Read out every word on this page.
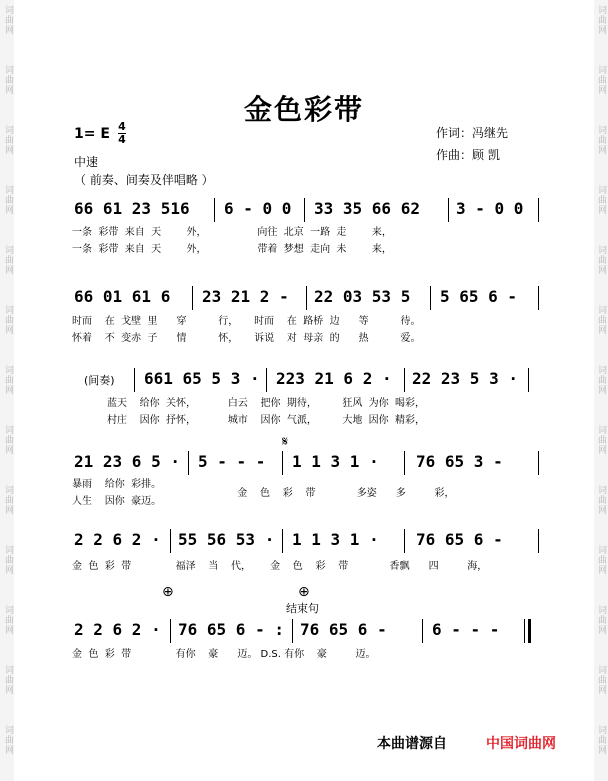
词曲网
词曲网
词曲网
词曲网
词曲网
词曲网
词曲网
词曲网
词曲网
词曲网
词曲网
词曲网
词曲网
词曲网
词曲网
词曲网
词曲网
词曲网
词曲网
词曲网
词曲网
词曲网
词曲网
词曲网
词曲网
词曲网
金色彩带
1= E 4
4	作词：冯继先
作曲：顾 凯
中速
（ 前奏、间奏及伴唱略 ）
66 61 23 516 6 - 0 0 33 35 66 62 3 - 0 0
一条  彩带  来自  天        外，                向往  北京  一路  走        来，
一条  彩带  来自  天        外，                带着  梦想  走向  未        来，
66 01 61 6 23 21 2 - 22 03 53 5 5 65 6 -
时而    在  戈壁  里      穿          行，     时而    在  路桥  边      等          待。
怀着    不  变赤  子      情          怀，     诉说    对  母亲  的      热          爱。
(间奏) 661 65 5 3 · 223 21 6 2 · 22 23 5 3 ·
蓝天    给你  关怀，          白云    把你  期待，        狂风  为你  喝彩，
村庄    因你  抒怀，          城市    因你  气派，        大地  因你  精彩，
𝄋
21 23 6 5 · 5 - - - 1 1 3 1 · 76 65 3 -
暴雨    给你  彩排。
人生    因你  豪迈。
金    色    彩    带             多姿      多         彩，
2 2 6 2 · 55 56 53 · 1 1 3 1 · 76 65 6 -
金  色  彩  带              福泽    当    代，      金    色    彩    带             香飘      四         海，
⊕	⊕
结束句
2 2 6 2 · 76 65 6 - : 76 65 6 -	6 - - -
金  色  彩  带              有你    豪      迈。 D.S. 有你    豪         迈。
本曲谱源自	中国词曲网
